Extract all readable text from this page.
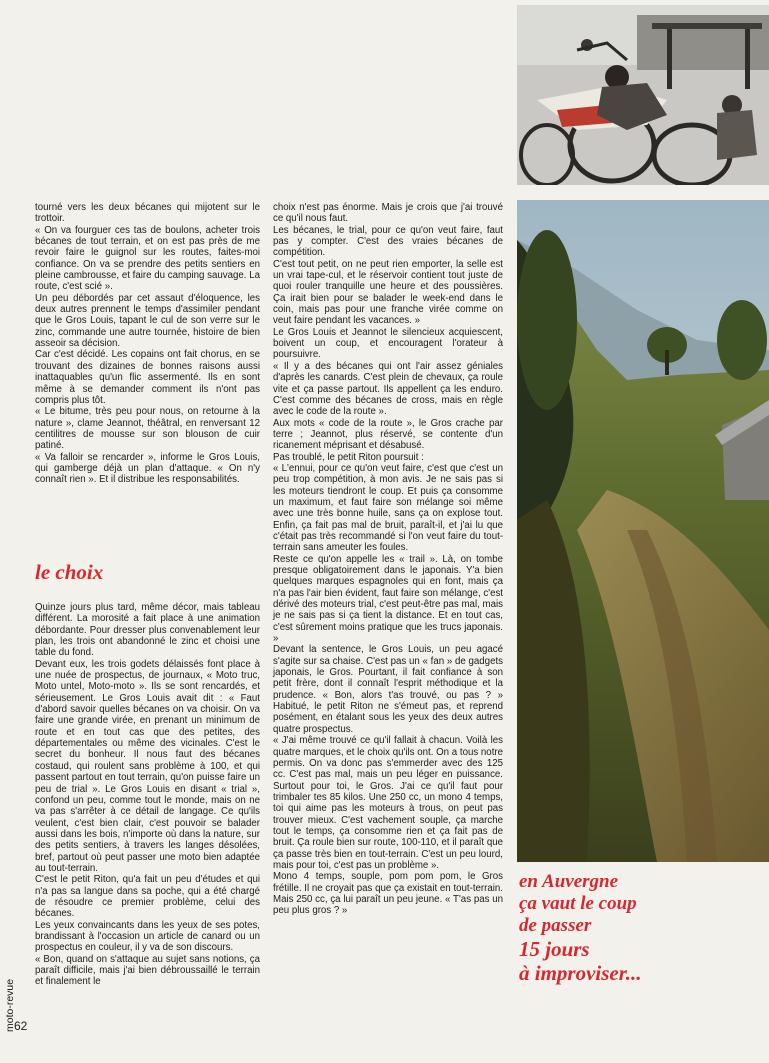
tourné vers les deux bécanes qui mijotent sur le trottoir.

« On va fourguer ces tas de boulons, acheter trois bécanes de tout terrain, et on est pas près de me revoir faire le guignol sur les routes, faites-moi confiance. On va se prendre des petits sentiers en pleine cambrousse, et faire du camping sauvage. La route, c'est scié ».

Un peu débordés par cet assaut d'éloquence, les deux autres prennent le temps d'assimiler pendant que le Gros Louis, tapant le cul de son verre sur le zinc, commande une autre tournée, histoire de bien asseoir sa décision.

Car c'est décidé. Les copains ont fait chorus, en se trouvant des dizaines de bonnes raisons aussi inattaquables qu'un flic assermenté. Ils en sont même à se demander comment ils n'ont pas compris plus tôt.

« Le bitume, très peu pour nous, on retourne à la nature », clame Jeannot, théâtral, en renversant 12 centilitres de mousse sur son blouson de cuir patiné.

« Va falloir se rencarder », informe le Gros Louis, qui gamberge déjà un plan d'attaque. « On n'y connaît rien ». Et il distribue les responsabilités.

le choix

Quinze jours plus tard, même décor, mais tableau différent. La morosité a fait place à une animation débordante. Pour dresser plus convenablement leur plan, les trois ont abandonné le zinc et choisi une table du fond.

Devant eux, les trois godets délaissés font place à une nuée de prospectus, de journaux, « Moto truc, Moto untel, Moto-moto ». Ils se sont rencardés, et sérieusement. Le Gros Louis avait dit : « Faut d'abord savoir quelles bécanes on va choisir. On va faire une grande virée, en prenant un minimum de route et en tout cas que des petites, des départementales ou même des vicinales. C'est le secret du bonheur. Il nous faut des bécanes costaud, qui roulent sans problème à 100, et qui passent partout en tout terrain, qu'on puisse faire un peu de trial ». Le Gros Louis en disant « trial », confond un peu, comme tout le monde, mais on ne va pas s'arrêter à ce détail de langage. Ce qu'ils veulent, c'est bien clair, c'est pouvoir se balader aussi dans les bois, n'importe où dans la nature, sur des petits sentiers, à travers les langes désolées, bref, partout où peut passer une moto bien adaptée au tout-terrain.

C'est le petit Riton, qu'a fait un peu d'études et qui n'a pas sa langue dans sa poche, qui a été chargé de résoudre ce premier problème, celui des bécanes.

Les yeux convaincants dans les yeux de ses potes, brandissant à l'occasion un article de canard ou un prospectus en couleur, il y va de son discours.

« Bon, quand on s'attaque au sujet sans notions, ça paraît difficile, mais j'ai bien débroussaillé le terrain et finalement le

choix n'est pas énorme. Mais je crois que j'ai trouvé ce qu'il nous faut.

Les bécanes, le trial, pour ce qu'on veut faire, faut pas y compter. C'est des vraies bécanes de compétition.

C'est tout petit, on ne peut rien emporter, la selle est un vrai tape-cul, et le réservoir contient tout juste de quoi rouler tranquille une heure et des poussières. Ça irait bien pour se balader le week-end dans le coin, mais pas pour une franche virée comme on veut faire pendant les vacances. »

Le Gros Louis et Jeannot le silencieux acquiescent, boivent un coup, et encouragent l'orateur à poursuivre.

« Il y a des bécanes qui ont l'air assez géniales d'après les canards. C'est plein de chevaux, ça roule vite et ça passe partout. Ils appellent ça les enduro. C'est comme des bécanes de cross, mais en règle avec le code de la route ».

Aux mots « code de la route », le Gros crache par terre ; Jeannot, plus réservé, se contente d'un ricanement méprisant et désabusé.

Pas troublé, le petit Riton poursuit :

« L'ennui, pour ce qu'on veut faire, c'est que c'est un peu trop compétition, à mon avis. Je ne sais pas si les moteurs tiendront le coup. Et puis ça consomme un maximum, et faut faire son mélange soi même avec une très bonne huile, sans ça on explose tout. Enfin, ça fait pas mal de bruit, paraît-il, et j'ai lu que c'était pas très recommandé si l'on veut faire du tout-terrain sans ameuter les foules.

Reste ce qu'on appelle les « trail ». Là, on tombe presque obligatoirement dans le japonais. Y'a bien quelques marques espagnoles qui en font, mais ça n'a pas l'air bien évident, faut faire son mélange, c'est dérivé des moteurs trial, c'est peut-être pas mal, mais je ne sais pas si ça tient la distance. Et en tout cas, c'est sûrement moins pratique que les trucs japonais. »

Devant la sentence, le Gros Louis, un peu agacé s'agite sur sa chaise. C'est pas un « fan » de gadgets japonais, le Gros. Pourtant, il fait confiance à son petit frère, dont il connaît l'esprit méthodique et la prudence. « Bon, alors t'as trouvé, ou pas ? » Habitué, le petit Riton ne s'émeut pas, et reprend posément, en étalant sous les yeux des deux autres quatre prospectus.

« J'ai même trouvé ce qu'il fallait à chacun. Voilà les quatre marques, et le choix qu'ils ont. On a tous notre permis. On va donc pas s'emmerder avec des 125 cc. C'est pas mal, mais un peu léger en puissance. Surtout pour toi, le Gros. J'ai ce qu'il faut pour trimbaler tes 85 kilos. Une 250 cc, un mono 4 temps, toi qui aime pas les moteurs à trous, on peut pas trouver mieux. C'est vachement souple, ça marche tout le temps, ça consomme rien et ça fait pas de bruit. Ça roule bien sur route, 100-110, et il paraît que ça passe très bien en tout-terrain. C'est un peu lourd, mais pour toi, c'est pas un problème ».

Mono 4 temps, souple, pom pom pom, le Gros frétille. Il ne croyait pas que ça existait en tout-terrain. Mais 250 cc, ça lui paraît un peu jeune. « T'as pas un peu plus gros ? »

en Auvergne
ça vaut le coup
de passer
15 jours
à improviser...

moto-revue

62
